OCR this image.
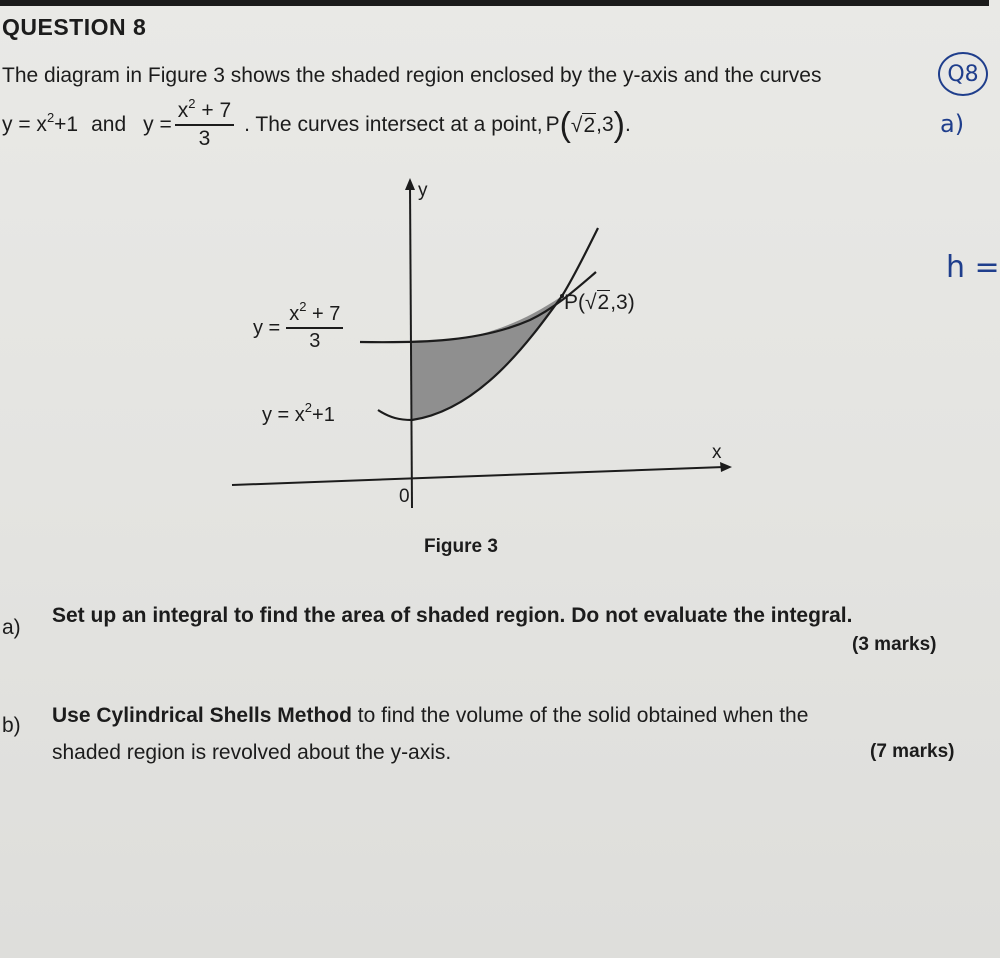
QUESTION 8
The diagram in Figure 3 shows the shaded region enclosed by the y-axis and the curves
$y = x^2+1$ and $y = \frac{x^2 + 7}{3}$ . The curves intersect at a point, P ( √ 2 ,3 ) .
y
x
0
$y = \frac{x^2 + 7}{3}$
$y = x^2+1$
P( √ 2 ,3)
Figure 3
a)
Set up an integral to find the area of shaded region. Do not evaluate the integral.
(3 marks)
b) Use Cylindrical Shells Method to find the volume of the solid obtained when the
shaded region is revolved about the y-axis.	(7 marks)
Q8
a)
h =
